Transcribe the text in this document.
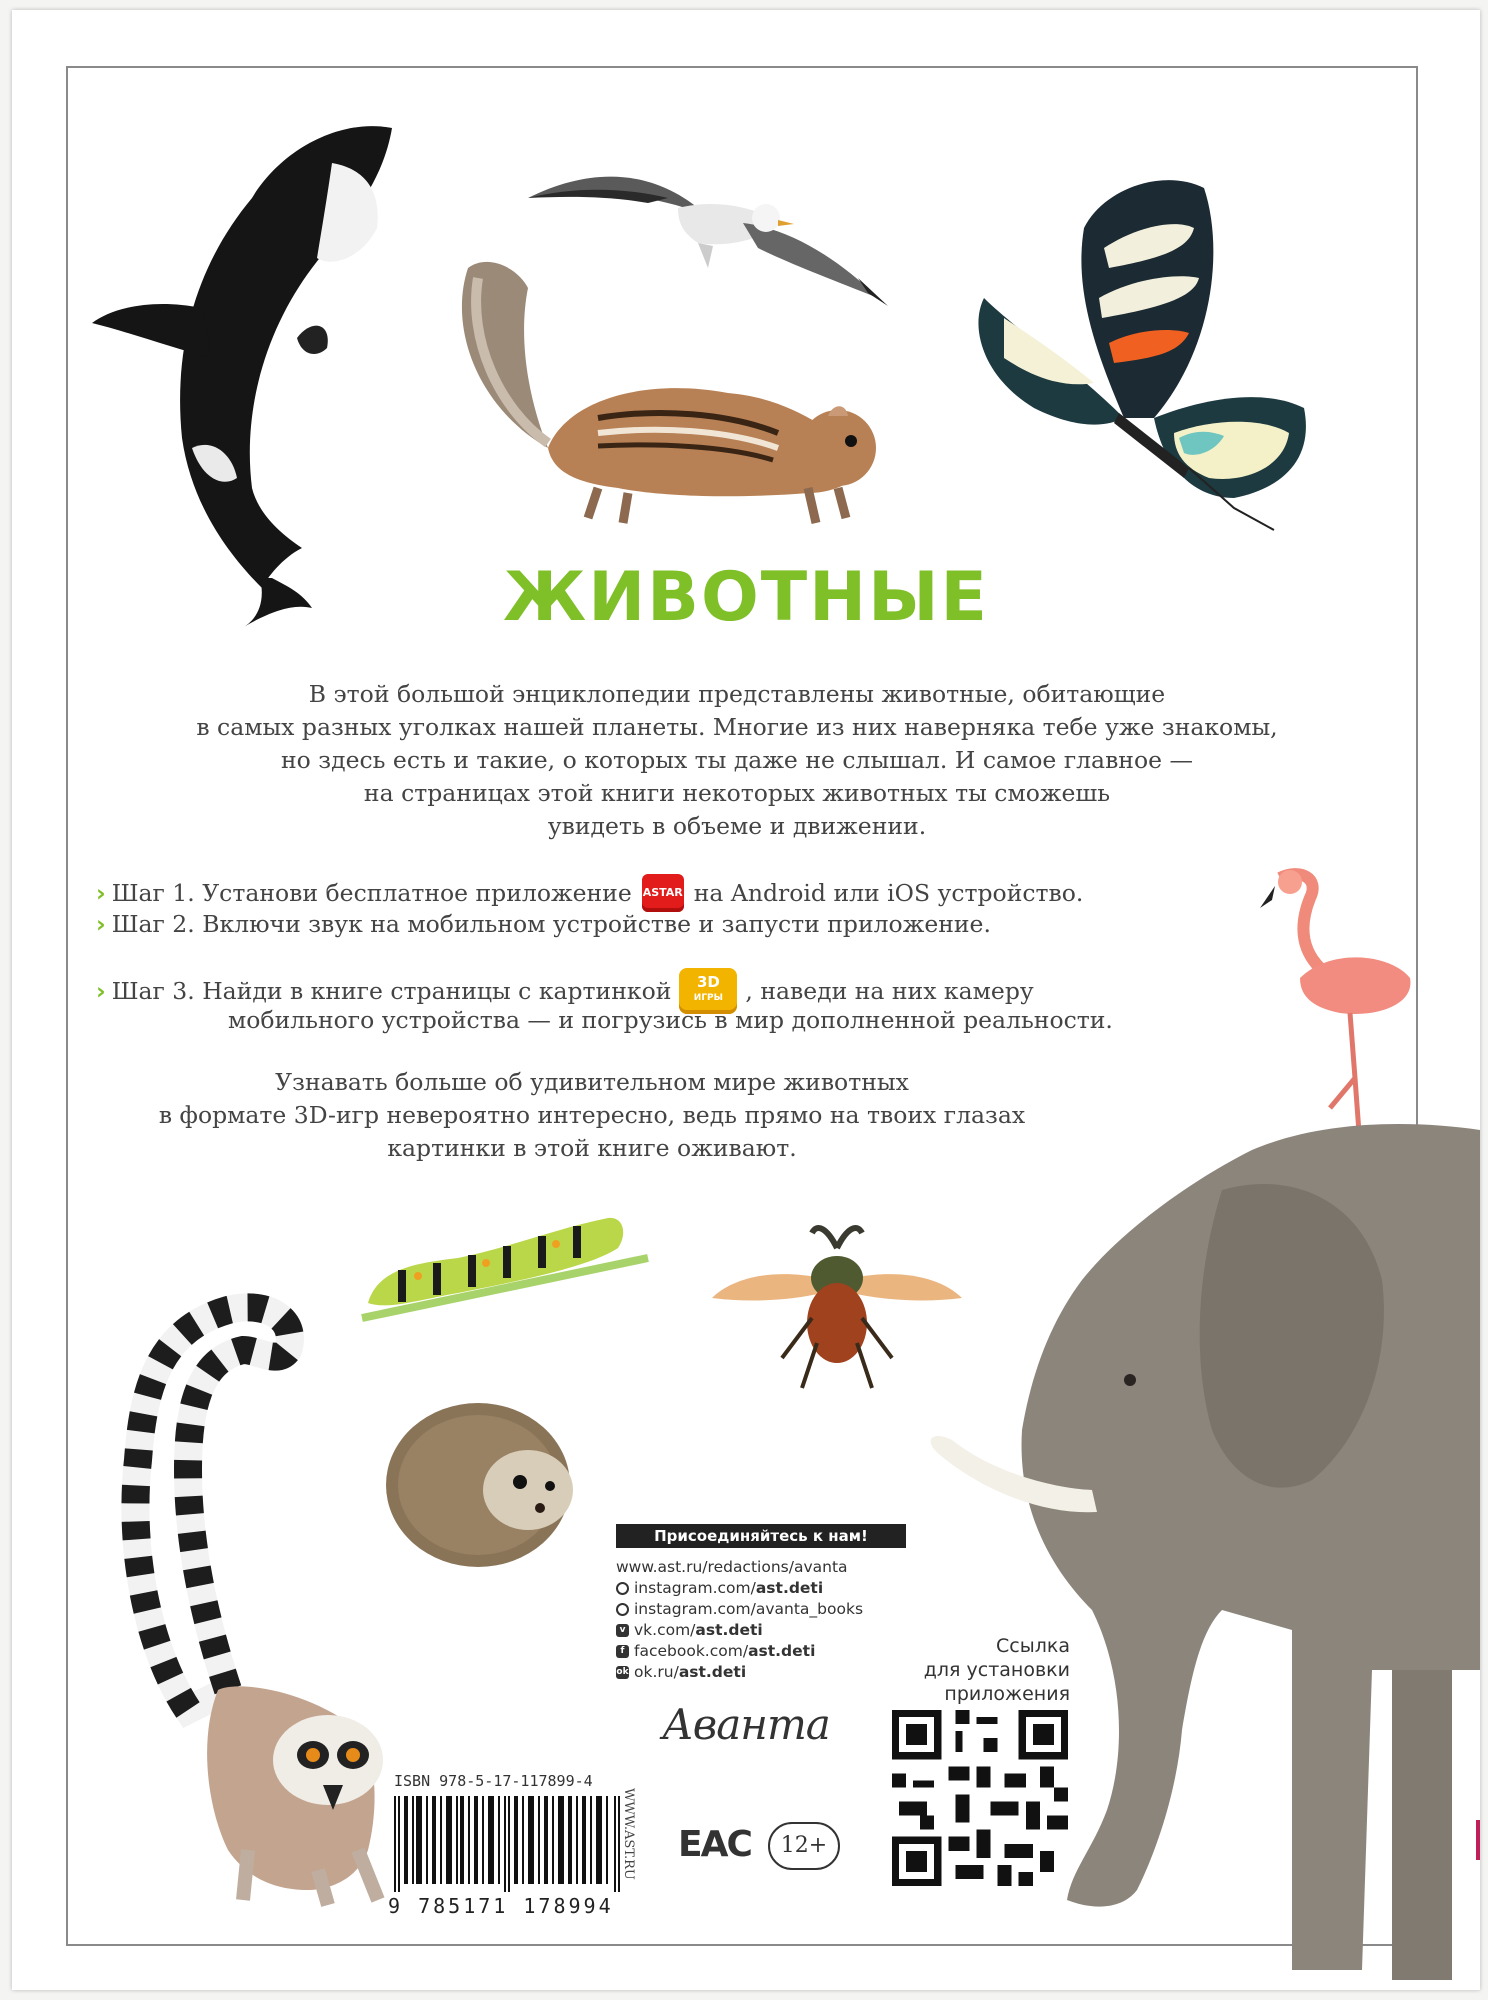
ЖИВОТНЫЕ
В этой большой энциклопедии представлены животные, обитающие
в самых разных уголках нашей планеты. Многие из них наверняка тебе уже знакомы,
но здесь есть и такие, о которых ты даже не слышал. И самое главное —
на страницах этой книги некоторых животных ты сможешь
увидеть в объеме и движении.
› Шаг 1. Установи бесплатное приложение ASTAR на Android или iOS устройство.
› Шаг 2. Включи звук на мобильном устройстве и запусти приложение.
› Шаг 3. Найди в книге страницы с картинкой	3D
ИГРЫ , наведи на них камеру
мобильного устройства — и погрузись в мир дополненной реальности.
Узнавать больше об удивительном мире животных
в формате 3D-игр невероятно интересно, ведь прямо на твоих глазах
картинки в этой книге оживают.
Присоединяйтесь к нам!
www.ast.ru/redactions/avanta
instagram.com/ ast.deti
instagram.com/ avanta_books
v vk.com/ ast.deti
f facebook.com/ ast.deti
ok ok.ru/ ast.deti
Ссылка
для установки
приложения
Аванта
EAC	12+
WWW.AST.RU
ISBN 978-5-17-117899-4
9 785171 178994
